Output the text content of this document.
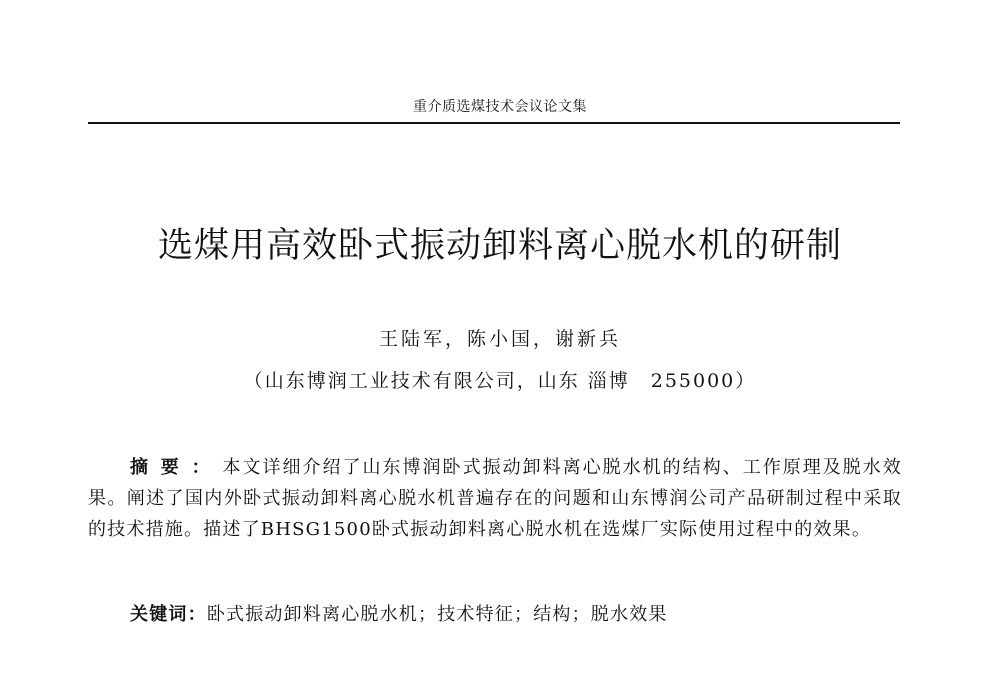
重介质选煤技术会议论文集
选煤用高效卧式振动卸料离心脱水机的研制
王陆军，陈小国，谢新兵
（山东博润工业技术有限公司，山东 淄博　255000）
摘要：本文详细介绍了山东博润卧式振动卸料离心脱水机的结构、工作原理及脱水效果。阐述了国内外卧式振动卸料离心脱水机普遍存在的问题和山东博润公司产品研制过程中采取的技术措施。描述了BHSG1500卧式振动卸料离心脱水机在选煤厂实际使用过程中的效果。
关键词：卧式振动卸料离心脱水机；技术特征；结构；脱水效果
